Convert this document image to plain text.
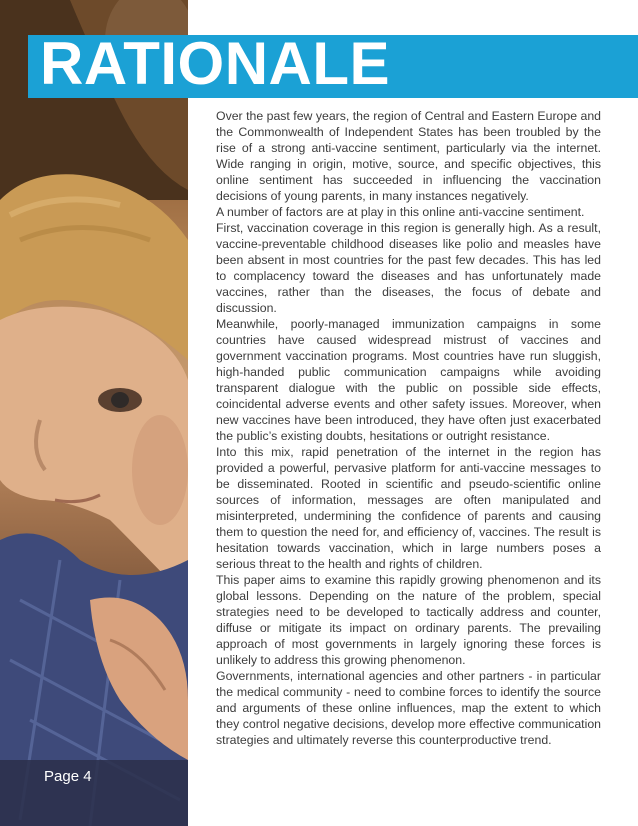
RATIONALE

Over the past few years, the region of Central and Eastern Europe and the Commonwealth of Independent States has been troubled by the rise of a strong anti-vaccine sentiment, particularly via the internet. Wide ranging in origin, motive, source, and specific objectives, this online sentiment has succeeded in influencing the vaccination decisions of young parents, in many instances negatively.

A number of factors are at play in this online anti-vaccine sentiment.

First, vaccination coverage in this region is generally high. As a result, vaccine-preventable childhood diseases like polio and measles have been absent in most countries for the past few decades. This has led to complacency toward the diseases and has unfortunately made vaccines, rather than the diseases, the focus of debate and discussion.

Meanwhile, poorly-managed immunization campaigns in some countries have caused widespread mistrust of vaccines and government vaccination programs. Most countries have run sluggish, high-handed public communication campaigns while avoiding transparent dialogue with the public on possible side effects, coincidental adverse events and other safety issues. Moreover, when new vaccines have been introduced, they have often just exacerbated the public’s existing doubts, hesitations or outright resistance.

Into this mix, rapid penetration of the internet in the region has provided a powerful, pervasive platform for anti-vaccine messages to be disseminated. Rooted in scientific and pseudo-scientific online sources of information, messages are often manipulated and misinterpreted, undermining the confidence of parents and causing them to question the need for, and efficiency of, vaccines. The result is hesitation towards vaccination, which in large numbers poses a serious threat to the health and rights of children.

This paper aims to examine this rapidly growing phenomenon and its global lessons. Depending on the nature of the problem, special strategies need to be developed to tactically address and counter, diffuse or mitigate its impact on ordinary parents. The prevailing approach of most governments in largely ignoring these forces is unlikely to address this growing phenomenon.

Governments, international agencies and other partners - in particular the medical community - need to combine forces to identify the source and arguments of these online influences, map the extent to which they control negative decisions, develop more effective communication strategies and ultimately reverse this counterproductive trend.

Page 4
